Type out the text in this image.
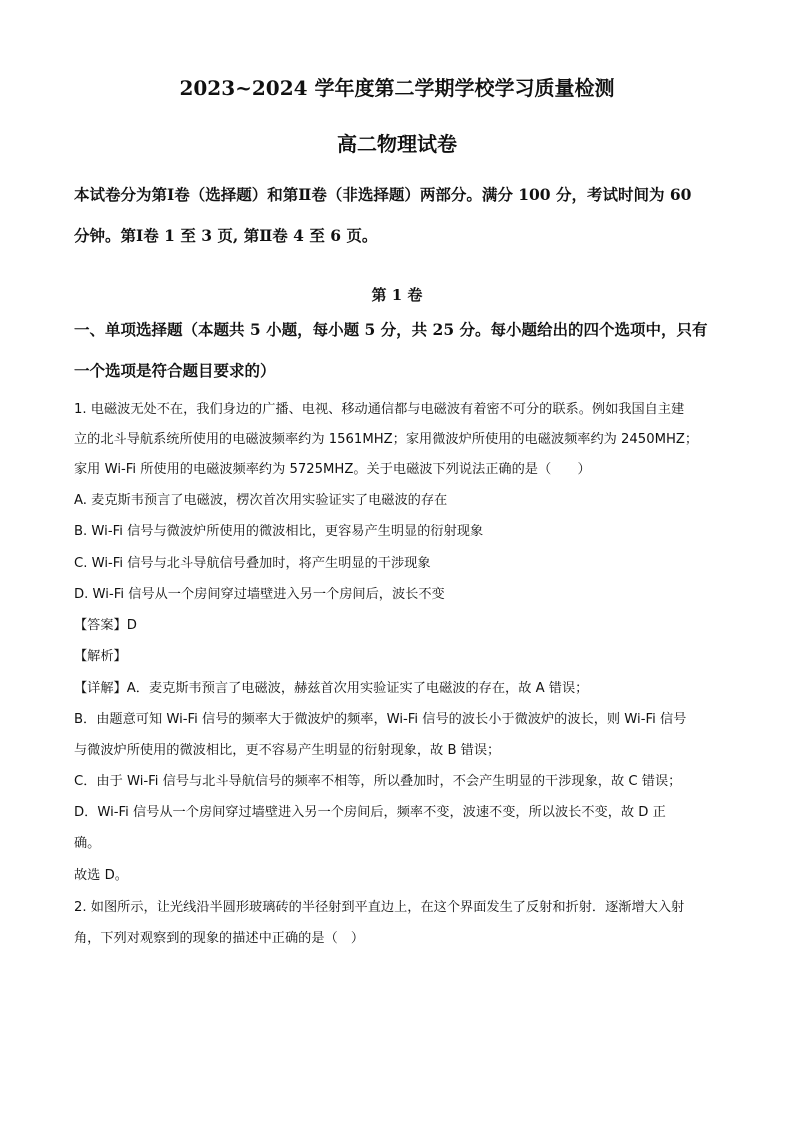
2023~2024 学年度第二学期学校学习质量检测
高二物理试卷
本试卷分为第Ⅰ卷（选择题）和第Ⅱ卷（非选择题）两部分。满分 100 分，考试时间为 60
分钟。第Ⅰ卷 1 至 3 页, 第Ⅱ卷 4 至 6 页。
第 1 卷
一、单项选择题（本题共 5 小题，每小题 5 分，共 25 分。每小题给出的四个选项中，只有
一个选项是符合题目要求的）
1. 电磁波无处不在，我们身边的广播、电视、移动通信都与电磁波有着密不可分的联系。例如我国自主建
立的北斗导航系统所使用的电磁波频率约为 1561MHZ；家用微波炉所使用的电磁波频率约为 2450MHZ；
家用 Wi-Fi 所使用的电磁波频率约为 5725MHZ。关于电磁波下列说法正确的是（　　）
A. 麦克斯韦预言了电磁波，楞次首次用实验证实了电磁波的存在
B. Wi-Fi 信号与微波炉所使用的微波相比，更容易产生明显的衍射现象
C. Wi-Fi 信号与北斗导航信号叠加时，将产生明显的干涉现象
D. Wi-Fi 信号从一个房间穿过墙壁进入另一个房间后，波长不变
【答案】D
【解析】
【详解】A．麦克斯韦预言了电磁波，赫兹首次用实验证实了电磁波的存在，故 A 错误；
B．由题意可知 Wi-Fi 信号的频率大于微波炉的频率，Wi-Fi 信号的波长小于微波炉的波长，则 Wi-Fi 信号
与微波炉所使用的微波相比，更不容易产生明显的衍射现象，故 B 错误；
C．由于 Wi-Fi 信号与北斗导航信号的频率不相等，所以叠加时，不会产生明显的干涉现象，故 C 错误；
D．Wi-Fi 信号从一个房间穿过墙壁进入另一个房间后，频率不变，波速不变，所以波长不变，故 D 正
确。
故选 D。
2. 如图所示，让光线沿半圆形玻璃砖的半径射到平直边上，在这个界面发生了反射和折射．逐渐增大入射
角，下列对观察到的现象的描述中正确的是（　）
